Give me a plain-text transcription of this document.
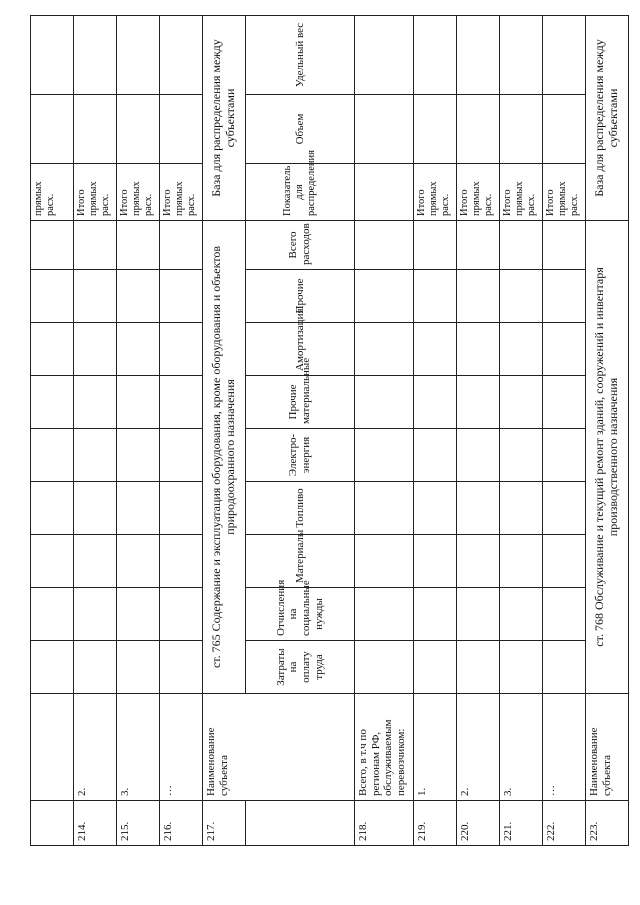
											прямых расх.		
214.	2.										Итого прямых расх.		
215.	3.										Итого прямых расх.		
216.	…										Итого прямых расх.		
217.	Наименование субъекта	ст. 765 Содержание и эксплуатация оборудования, кроме оборудования и объектов природоохранного назначения									База для распределения между субъектами		
		Затраты на оплату труда	Отчисления на социальные нужды	Материалы	Топливо	Электро-энергия	Прочие материальные	Амортизация	Прочие	Всего расходов	Показатель для распределения	Объем	Удельный вес
218.	Всего, в т.ч по регионам РФ, обслуживаемым перевозчиком:												
219.	1.										Итого прямых расх.		
220.	2.										Итого прямых расх.		
221.	3.										Итого прямых расх.		
222.	…										Итого прямых расх.		
223.	Наименование субъекта	ст. 768 Обслуживание и текущий ремонт зданий, сооружений и инвентаря производственного назначения									База для распределения между субъектами		
